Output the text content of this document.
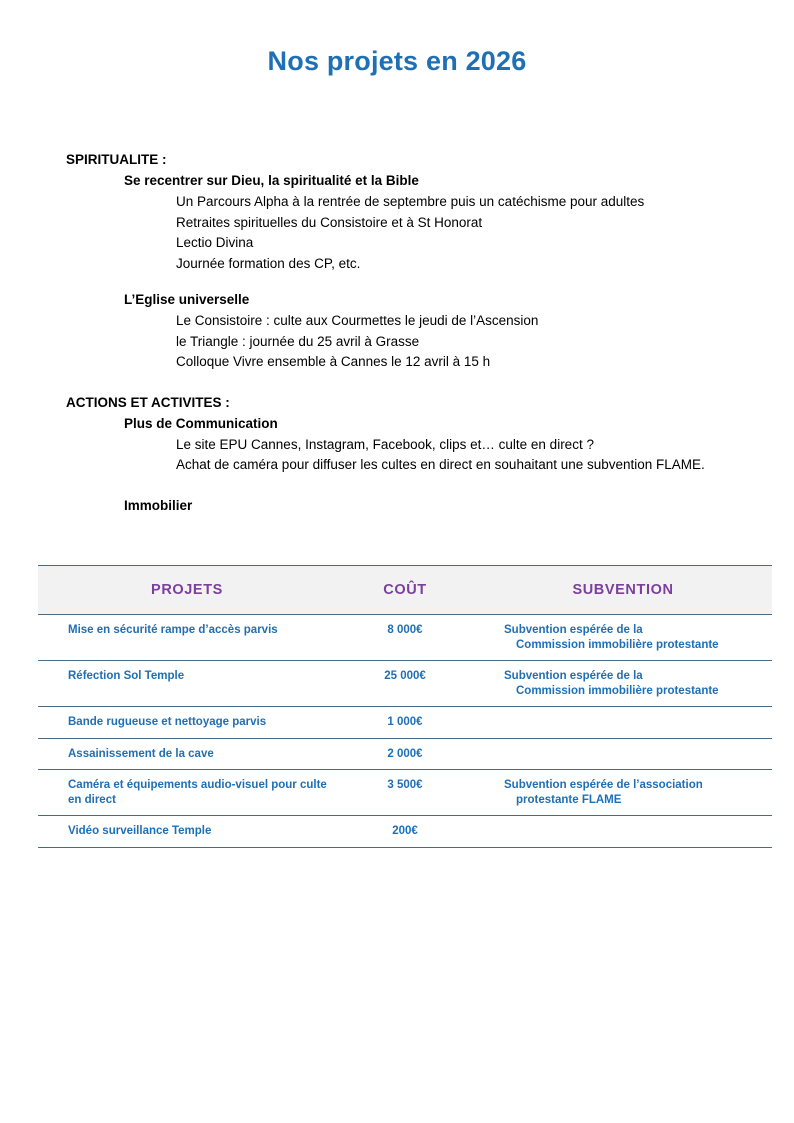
Nos projets en 2026

SPIRITUALITE :

Se recentrer sur Dieu, la spiritualité et la Bible

Un Parcours Alpha à la rentrée de septembre puis un catéchisme pour adultes

Retraites spirituelles du Consistoire et à St Honorat

Lectio Divina

Journée formation des CP, etc.

L’Eglise universelle

Le Consistoire : culte aux Courmettes le jeudi de l’Ascension

le Triangle : journée du 25 avril à Grasse

Colloque Vivre ensemble à Cannes le 12 avril à 15 h

ACTIONS ET ACTIVITES :

Plus de Communication

Le site EPU Cannes, Instagram, Facebook, clips et… culte en direct ?

Achat de caméra pour diffuser les cultes en direct en souhaitant une subvention FLAME.

Immobilier

PROJETS	COÛT	SUBVENTION
Mise en sécurité rampe d’accès parvis	8 000€	Subvention espérée de la
Commission immobilière protestante

Réfection Sol Temple	25 000€	Subvention espérée de la
Commission immobilière protestante

Bande rugueuse et nettoyage parvis	1 000€	
Assainissement de la cave	2 000€	
Caméra et équipements audio-visuel pour culte en direct	3 500€	Subvention espérée de l’association
protestante FLAME

Vidéo surveillance Temple	200€	
